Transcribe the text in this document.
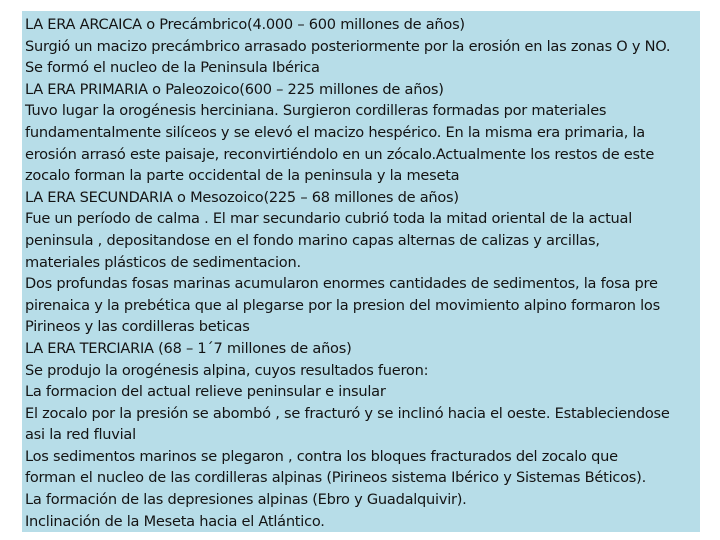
LA ERA ARCAICA o Precámbrico(4.000 – 600 millones de años)
Surgió un macizo precámbrico arrasado posteriormente por la erosión en las zonas O y NO.
Se formó el nucleo de la Peninsula Ibérica
LA ERA PRIMARIA o Paleozoico(600 – 225 millones de años)
Tuvo lugar la orogénesis herciniana. Surgieron cordilleras formadas por materiales
fundamentalmente silíceos y se elevó el macizo hespérico. En la misma era primaria, la
erosión arrasó este paisaje, reconvirtiéndolo en un zócalo.Actualmente los restos de este
zocalo forman la parte occidental de la peninsula y la meseta
LA ERA SECUNDARIA o Mesozoico(225 – 68 millones de años)
Fue un período de calma . El mar secundario cubrió toda la mitad oriental de la actual
peninsula , depositandose en el fondo marino capas alternas de calizas y arcillas,
materiales plásticos de sedimentacion.
Dos profundas fosas marinas acumularon enormes cantidades de sedimentos, la fosa pre
pirenaica y la prebética que al plegarse por la presion del movimiento alpino formaron los
Pirineos y las cordilleras beticas
LA ERA TERCIARIA (68 – 1´7 millones de años)
Se produjo la orogénesis alpina, cuyos resultados fueron:
La formacion del actual relieve peninsular e insular
El zocalo por la presión se abombó , se fracturó y se inclinó hacia el oeste. Estableciendose
asi la red fluvial
Los sedimentos marinos se plegaron , contra los bloques fracturados del zocalo que
forman el nucleo de las cordilleras alpinas (Pirineos sistema Ibérico y Sistemas Béticos).
La formación de las depresiones alpinas (Ebro y Guadalquivir).
Inclinación de la Meseta hacia el Atlántico.
